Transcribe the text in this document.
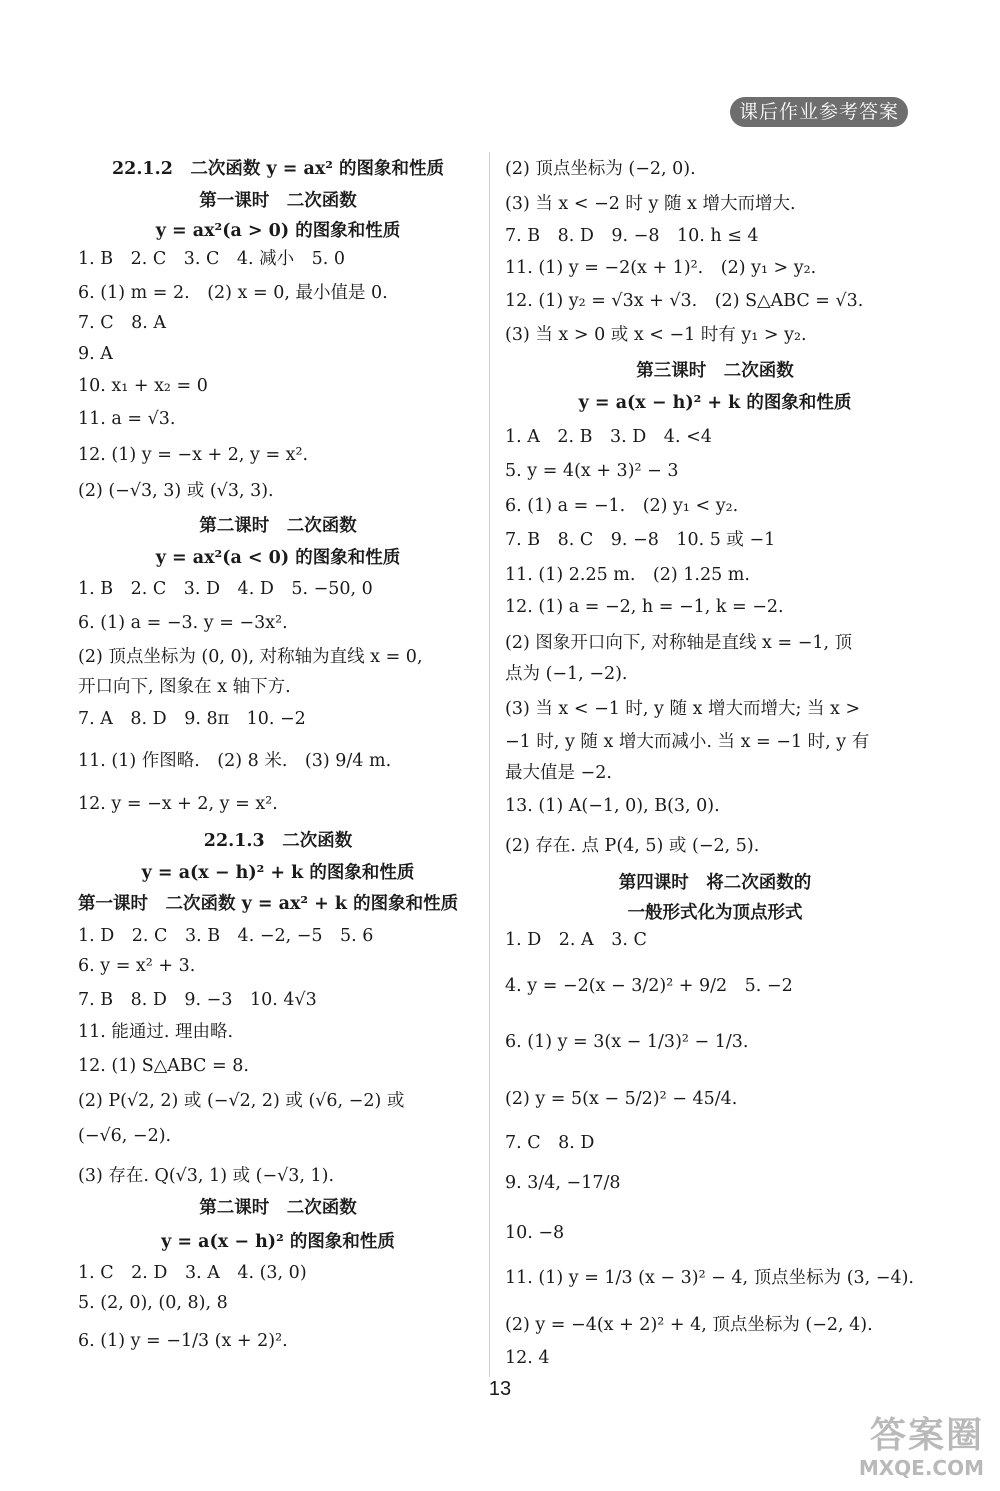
课后作业参考答案
22.1.2　二次函数 y = ax² 的图象和性质
第一课时　二次函数
y = ax²(a > 0) 的图象和性质
1. B　2. C　3. C　4. 减小　5. 0
6. (1) m = 2.　(2) x = 0, 最小值是 0.
7. C　8. A
9. A
10. x₁ + x₂ = 0
11. a = √3.
12. (1) y = −x + 2, y = x².
(2) (−√3, 3) 或 (√3, 3).
第二课时　二次函数
y = ax²(a < 0) 的图象和性质
1. B　2. C　3. D　4. D　5. −50, 0
6. (1) a = −3. y = −3x².
(2) 顶点坐标为 (0, 0), 对称轴为直线 x = 0,
开口向下, 图象在 x 轴下方.
7. A　8. D　9. 8π　10. −2
11. (1) 作图略.　(2) 8 米.　(3) 9/4 m.
12. y = −x + 2, y = x².
22.1.3　二次函数
y = a(x − h)² + k 的图象和性质
第一课时　二次函数 y = ax² + k 的图象和性质
1. D　2. C　3. B　4. −2, −5　5. 6
6. y = x² + 3.
7. B　8. D　9. −3　10. 4√3
11. 能通过. 理由略.
12. (1) S△ABC = 8.
(2) P(√2, 2) 或 (−√2, 2) 或 (√6, −2) 或
(−√6, −2).
(3) 存在. Q(√3, 1) 或 (−√3, 1).
第二课时　二次函数
y = a(x − h)² 的图象和性质
1. C　2. D　3. A　4. (3, 0)
5. (2, 0), (0, 8), 8
6. (1) y = −1/3 (x + 2)².
(2) 顶点坐标为 (−2, 0).
(3) 当 x < −2 时 y 随 x 增大而增大.
7. B　8. D　9. −8　10. h ≤ 4
11. (1) y = −2(x + 1)².　(2) y₁ > y₂.
12. (1) y₂ = √3x + √3.　(2) S△ABC = √3.
(3) 当 x > 0 或 x < −1 时有 y₁ > y₂.
第三课时　二次函数
y = a(x − h)² + k 的图象和性质
1. A　2. B　3. D　4. <4
5. y = 4(x + 3)² − 3
6. (1) a = −1.　(2) y₁ < y₂.
7. B　8. C　9. −8　10. 5 或 −1
11. (1) 2.25 m.　(2) 1.25 m.
12. (1) a = −2, h = −1, k = −2.
(2) 图象开口向下, 对称轴是直线 x = −1, 顶
点为 (−1, −2).
(3) 当 x < −1 时, y 随 x 增大而增大; 当 x >
−1 时, y 随 x 增大而减小. 当 x = −1 时, y 有
最大值是 −2.
13. (1) A(−1, 0), B(3, 0).
(2) 存在. 点 P(4, 5) 或 (−2, 5).
第四课时　将二次函数的
一般形式化为顶点形式
1. D　2. A　3. C
4. y = −2(x − 3/2)² + 9/2　5. −2
6. (1) y = 3(x − 1/3)² − 1/3.
(2) y = 5(x − 5/2)² − 45/4.
7. C　8. D
9. 3/4, −17/8
10. −8
11. (1) y = 1/3 (x − 3)² − 4, 顶点坐标为 (3, −4).
(2) y = −4(x + 2)² + 4, 顶点坐标为 (−2, 4).
12. 4
13
答案圈
MXQE.COM
